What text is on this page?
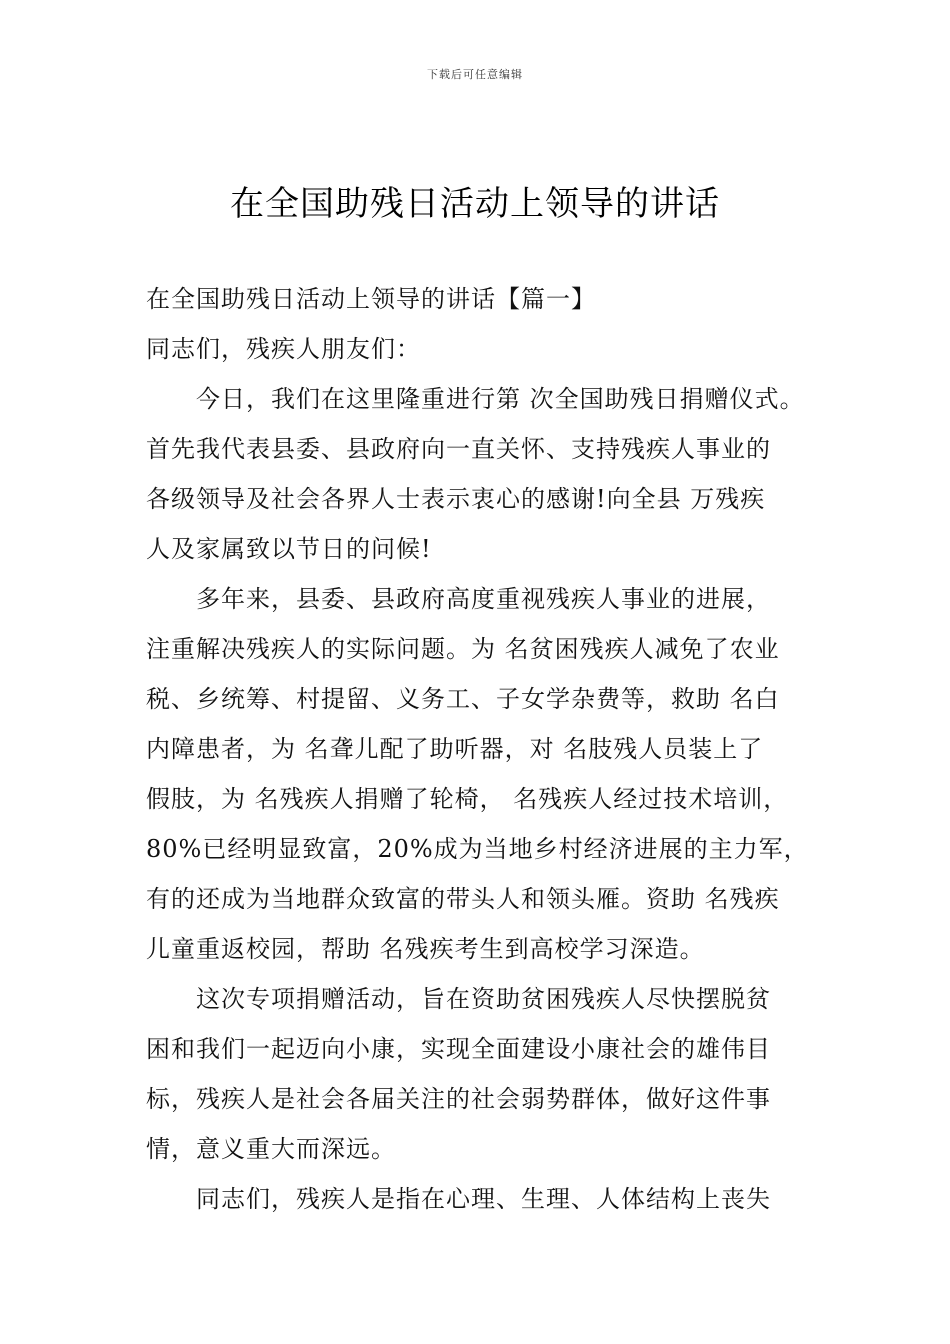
下载后可任意编辑
在全国助残日活动上领导的讲话
在全国助残日活动上领导的讲话【篇一】
同志们，残疾人朋友们：
今日，我们在这里隆重进行第 次全国助残日捐赠仪式。
首先我代表县委、县政府向一直关怀、支持残疾人事业的
各级领导及社会各界人士表示衷心的感谢!向全县 万残疾
人及家属致以节日的问候!
多年来，县委、县政府高度重视残疾人事业的进展，
注重解决残疾人的实际问题。为 名贫困残疾人减免了农业
税、乡统筹、村提留、义务工、子女学杂费等，救助 名白
内障患者，为 名聋儿配了助听器，对 名肢残人员装上了
假肢，为 名残疾人捐赠了轮椅， 名残疾人经过技术培训，
80%已经明显致富，20%成为当地乡村经济进展的主力军，
有的还成为当地群众致富的带头人和领头雁。资助 名残疾
儿童重返校园，帮助 名残疾考生到高校学习深造。
这次专项捐赠活动，旨在资助贫困残疾人尽快摆脱贫
困和我们一起迈向小康，实现全面建设小康社会的雄伟目
标，残疾人是社会各届关注的社会弱势群体，做好这件事
情，意义重大而深远。
同志们，残疾人是指在心理、生理、人体结构上丧失
